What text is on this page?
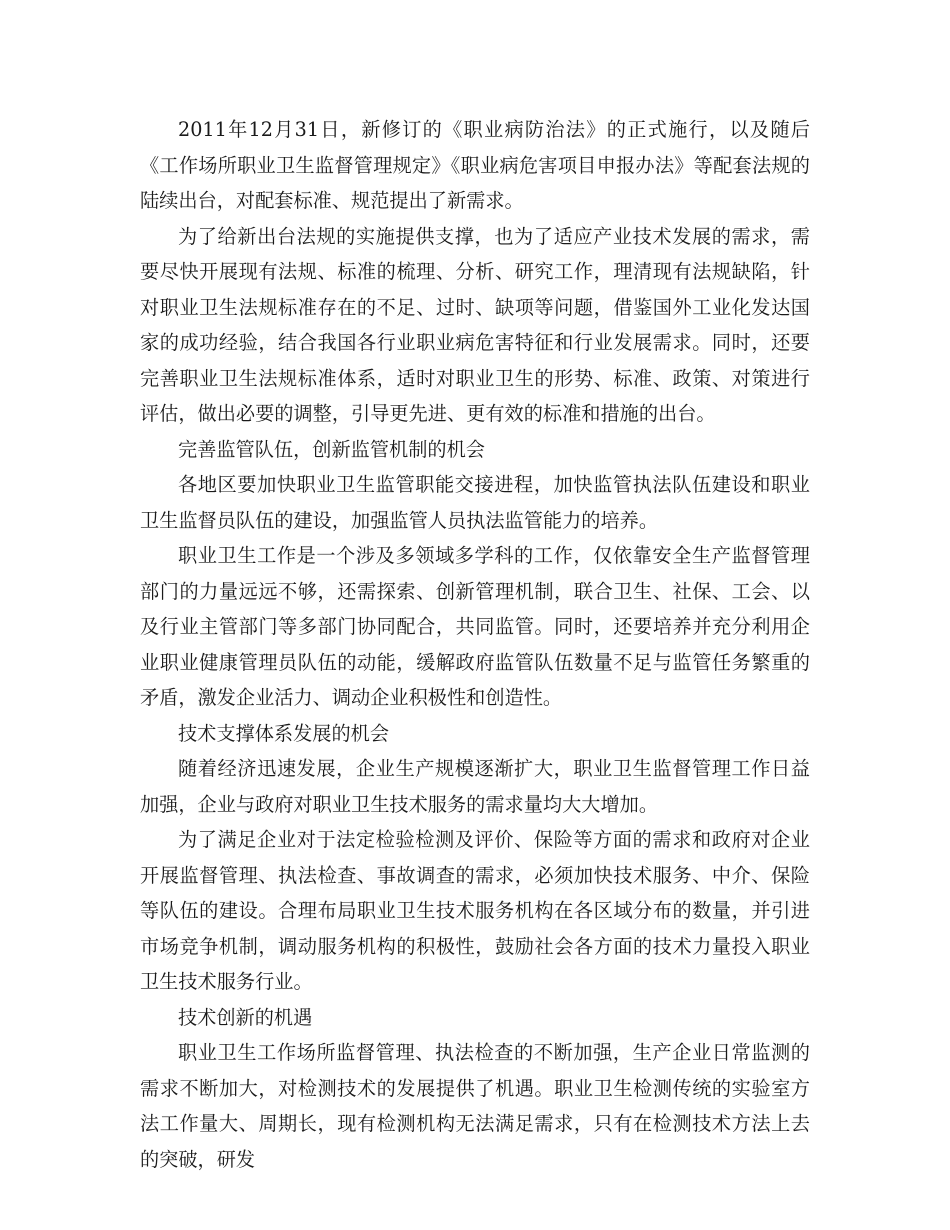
2011年12月31日，新修订的《职业病防治法》的正式施行，以及随后《工作场所职业卫生监督管理规定》《职业病危害项目申报办法》等配套法规的陆续出台，对配套标准、规范提出了新需求。

为了给新出台法规的实施提供支撑，也为了适应产业技术发展的需求，需要尽快开展现有法规、标准的梳理、分析、研究工作，理清现有法规缺陷，针对职业卫生法规标准存在的不足、过时、缺项等问题，借鉴国外工业化发达国家的成功经验，结合我国各行业职业病危害特征和行业发展需求。同时，还要完善职业卫生法规标准体系，适时对职业卫生的形势、标准、政策、对策进行评估，做出必要的调整，引导更先进、更有效的标准和措施的出台。

完善监管队伍，创新监管机制的机会

各地区要加快职业卫生监管职能交接进程，加快监管执法队伍建设和职业卫生监督员队伍的建设，加强监管人员执法监管能力的培养。

职业卫生工作是一个涉及多领域多学科的工作，仅依靠安全生产监督管理部门的力量远远不够，还需探索、创新管理机制，联合卫生、社保、工会、以及行业主管部门等多部门协同配合，共同监管。同时，还要培养并充分利用企业职业健康管理员队伍的动能，缓解政府监管队伍数量不足与监管任务繁重的矛盾，激发企业活力、调动企业积极性和创造性。

技术支撑体系发展的机会

随着经济迅速发展，企业生产规模逐渐扩大，职业卫生监督管理工作日益加强，企业与政府对职业卫生技术服务的需求量均大大增加。

为了满足企业对于法定检验检测及评价、保险等方面的需求和政府对企业开展监督管理、执法检查、事故调查的需求，必须加快技术服务、中介、保险等队伍的建设。合理布局职业卫生技术服务机构在各区域分布的数量，并引进市场竞争机制，调动服务机构的积极性，鼓励社会各方面的技术力量投入职业卫生技术服务行业。

技术创新的机遇

职业卫生工作场所监督管理、执法检查的不断加强，生产企业日常监测的需求不断加大，对检测技术的发展提供了机遇。职业卫生检测传统的实验室方法工作量大、周期长，现有检测机构无法满足需求，只有在检测技术方法上去的突破，研发
